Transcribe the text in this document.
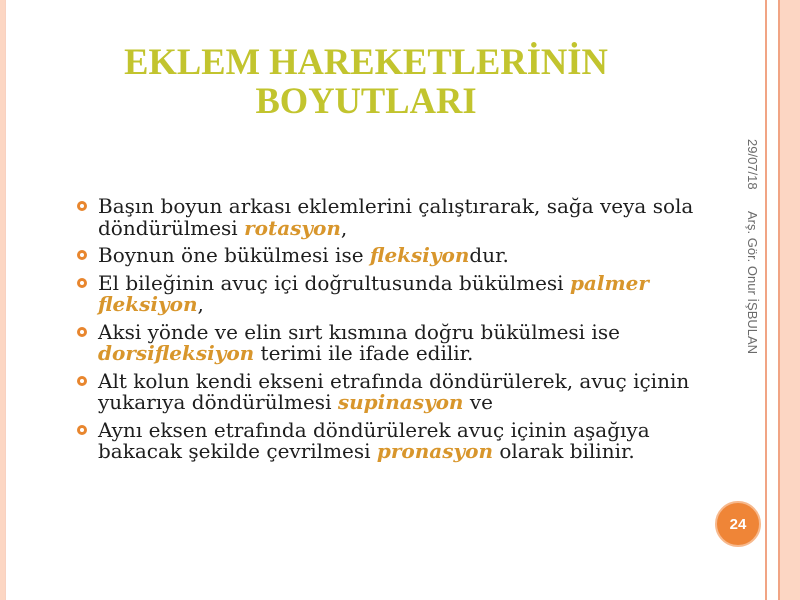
EKLEM HAREKETLERİNİN
BOYUTLARI
Başın boyun arkası eklemlerini çalıştırarak, sağa veya sola
döndürülmesi rotasyon,
Boynun öne bükülmesi ise fleksiyondur.
El bileğinin avuç içi doğrultusunda bükülmesi palmer
fleksiyon,
Aksi yönde ve elin sırt kısmına doğru bükülmesi ise
dorsifleksiyon terimi ile ifade edilir.
Alt kolun kendi ekseni etrafında döndürülerek, avuç içinin
yukarıya döndürülmesi supinasyon ve
Aynı eksen etrafında döndürülerek avuç içinin aşağıya
bakacak şekilde çevrilmesi pronasyon olarak bilinir.
29/07/18
Arş. Gör. Onur İŞBULAN
24
